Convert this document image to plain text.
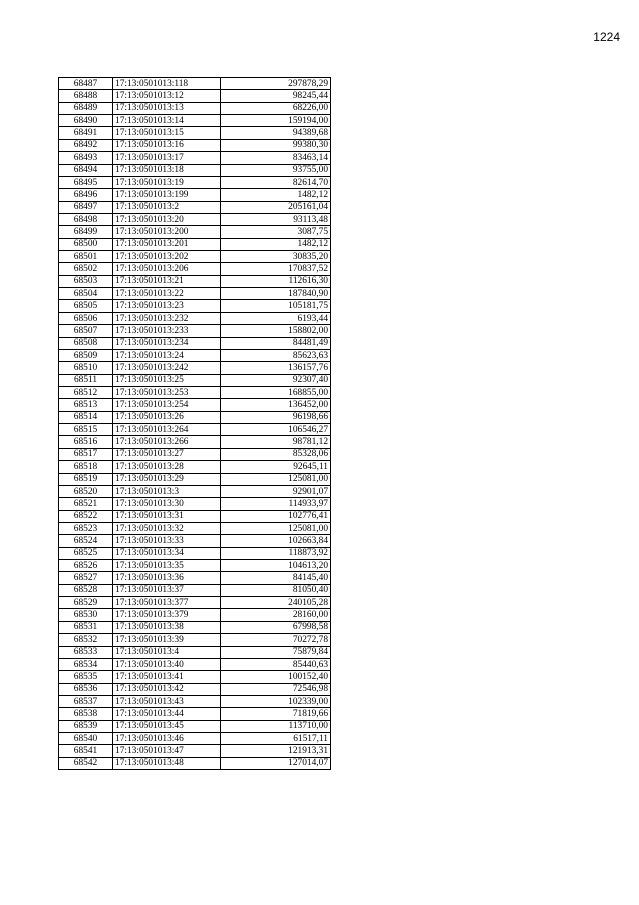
1224
68487	17:13:0501013:118	297878,29
68488	17:13:0501013:12	98245,44
68489	17:13:0501013:13	68226,00
68490	17:13:0501013:14	159194,00
68491	17:13:0501013:15	94389,68
68492	17:13:0501013:16	99380,30
68493	17:13:0501013:17	83463,14
68494	17:13:0501013:18	93755,00
68495	17:13:0501013:19	82614,70
68496	17:13:0501013:199	1482,12
68497	17:13:0501013:2	205161,04
68498	17:13:0501013:20	93113,48
68499	17:13:0501013:200	3087,75
68500	17:13:0501013:201	1482,12
68501	17:13:0501013:202	30835,20
68502	17:13:0501013:206	170837,52
68503	17:13:0501013:21	112616,30
68504	17:13:0501013:22	187840,90
68505	17:13:0501013:23	105181,75
68506	17:13:0501013:232	6193,44
68507	17:13:0501013:233	158802,00
68508	17:13:0501013:234	84481,49
68509	17:13:0501013:24	85623,63
68510	17:13:0501013:242	136157,76
68511	17:13:0501013:25	92307,40
68512	17:13:0501013:253	168855,00
68513	17:13:0501013:254	136452,00
68514	17:13:0501013:26	96198,66
68515	17:13:0501013:264	106546,27
68516	17:13:0501013:266	98781,12
68517	17:13:0501013:27	85328,06
68518	17:13:0501013:28	92645,11
68519	17:13:0501013:29	125081,00
68520	17:13:0501013:3	92901,07
68521	17:13:0501013:30	114933,97
68522	17:13:0501013:31	102776,41
68523	17:13:0501013:32	125081,00
68524	17:13:0501013:33	102663,84
68525	17:13:0501013:34	118873,92
68526	17:13:0501013:35	104613,20
68527	17:13:0501013:36	84145,40
68528	17:13:0501013:37	81050,40
68529	17:13:0501013:377	240105,28
68530	17:13:0501013:379	28160,00
68531	17:13:0501013:38	67998,58
68532	17:13:0501013:39	70272,78
68533	17:13:0501013:4	75879,84
68534	17:13:0501013:40	85440,63
68535	17:13:0501013:41	100152,40
68536	17:13:0501013:42	72546,98
68537	17:13:0501013:43	102339,00
68538	17:13:0501013:44	71819,66
68539	17:13:0501013:45	113710,00
68540	17:13:0501013:46	61517,11
68541	17:13:0501013:47	121913,31
68542	17:13:0501013:48	127014,07
